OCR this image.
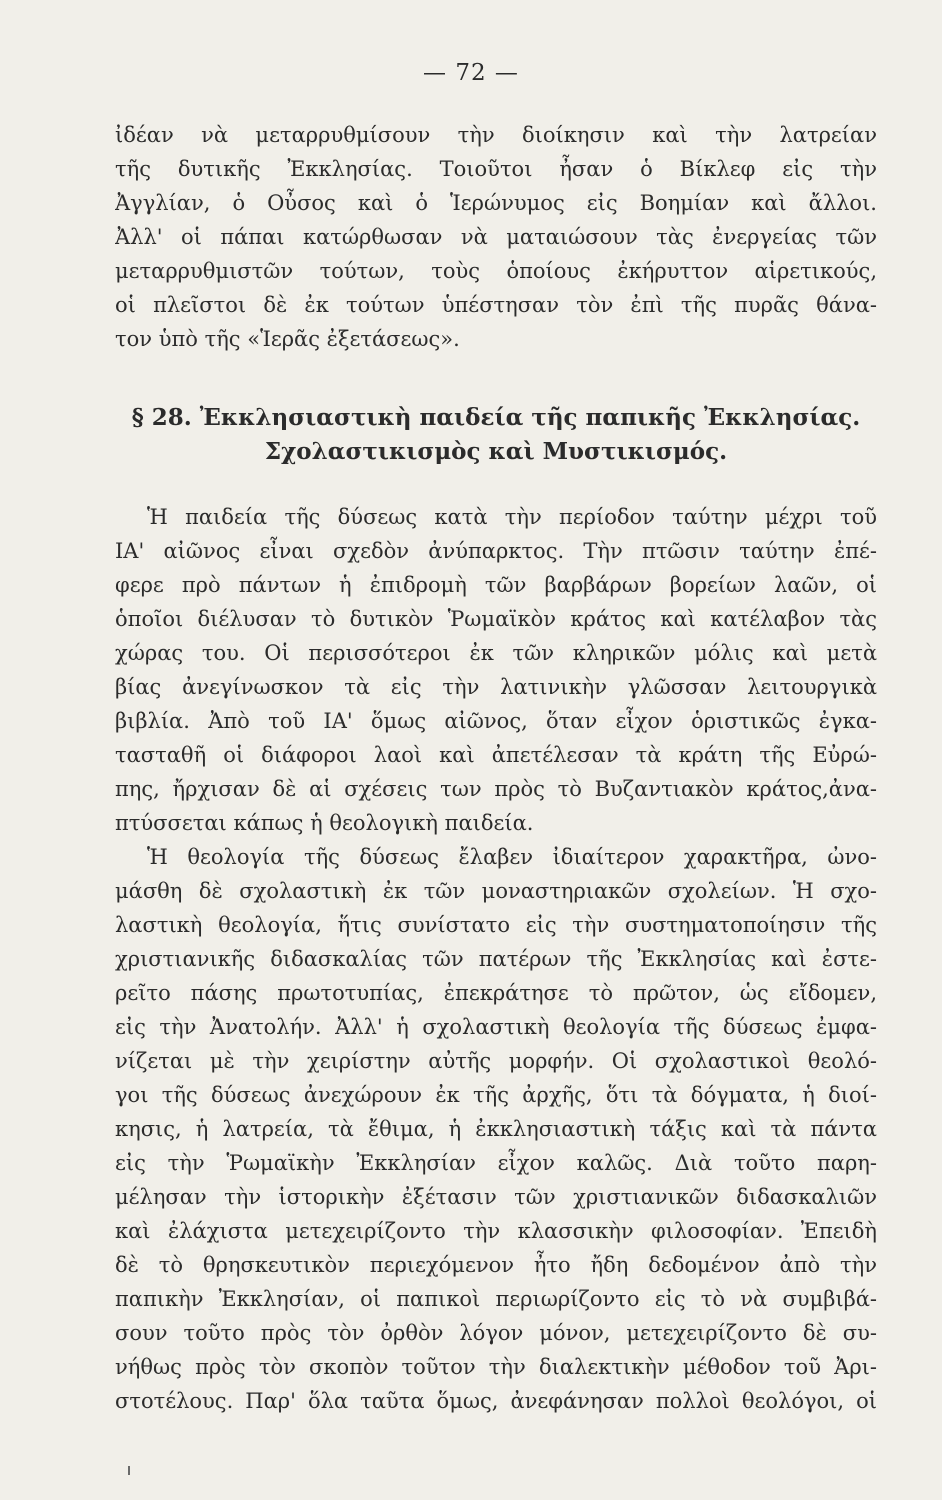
— 72 —
ἰδέαν νὰ μεταρρυθμίσουν τὴν διοίκησιν καὶ τὴν λατρείαν
τῆς δυτικῆς Ἐκκλησίας. Τοιοῦτοι ἦσαν ὁ Βίκλεφ εἰς τὴν
Ἀγγλίαν, ὁ Οὖσος καὶ ὁ Ἱερώνυμος εἰς Βοημίαν καὶ ἄλλοι.
Ἀλλ' οἱ πάπαι κατώρθωσαν νὰ ματαιώσουν τὰς ἐνεργείας τῶν
μεταρρυθμιστῶν τούτων, τοὺς ὁποίους ἐκήρυττον αἱρετικούς,
οἱ πλεῖστοι δὲ ἐκ τούτων ὑπέστησαν τὸν ἐπὶ τῆς πυρᾶς θάνα-
τον ὑπὸ τῆς «Ἱερᾶς ἐξετάσεως».
§ 28. Ἐκκλησιαστικὴ παιδεία τῆς παπικῆς Ἐκκλησίας.
Σχολαστικισμὸς καὶ Μυστικισμός.
Ἡ παιδεία τῆς δύσεως κατὰ τὴν περίοδον ταύτην μέχρι τοῦ
ΙΑ' αἰῶνος εἶναι σχεδὸν ἀνύπαρκτος. Τὴν πτῶσιν ταύτην ἐπέ-
φερε πρὸ πάντων ἡ ἐπιδρομὴ τῶν βαρβάρων βορείων λαῶν, οἱ
ὁποῖοι διέλυσαν τὸ δυτικὸν Ῥωμαϊκὸν κράτος καὶ κατέλαβον τὰς
χώρας του. Οἱ περισσότεροι ἐκ τῶν κληρικῶν μόλις καὶ μετὰ
βίας ἀνεγίνωσκον τὰ εἰς τὴν λατινικὴν γλῶσσαν λειτουργικὰ
βιβλία. Ἀπὸ τοῦ ΙΑ' ὅμως αἰῶνος, ὅταν εἶχον ὁριστικῶς ἐγκα-
τασταθῆ οἱ διάφοροι λαοὶ καὶ ἀπετέλεσαν τὰ κράτη τῆς Εὐρώ-
πης, ἤρχισαν δὲ αἱ σχέσεις των πρὸς τὸ Βυζαντιακὸν κράτος,ἀνα-
πτύσσεται κάπως ἡ θεολογικὴ παιδεία.
Ἡ θεολογία τῆς δύσεως ἔλαβεν ἰδιαίτερον χαρακτῆρα, ὠνο-
μάσθη δὲ σχολαστικὴ ἐκ τῶν μοναστηριακῶν σχολείων. Ἡ σχο-
λαστικὴ θεολογία, ἥτις συνίστατο εἰς τὴν συστηματοποίησιν τῆς
χριστιανικῆς διδασκαλίας τῶν πατέρων τῆς Ἐκκλησίας καὶ ἐστε-
ρεῖτο πάσης πρωτοτυπίας, ἐπεκράτησε τὸ πρῶτον, ὡς εἴδομεν,
εἰς τὴν Ἀνατολήν. Ἀλλ' ἡ σχολαστικὴ θεολογία τῆς δύσεως ἐμφα-
νίζεται μὲ τὴν χειρίστην αὐτῆς μορφήν. Οἱ σχολαστικοὶ θεολό-
γοι τῆς δύσεως ἀνεχώρουν ἐκ τῆς ἀρχῆς, ὅτι τὰ δόγματα, ἡ διοί-
κησις, ἡ λατρεία, τὰ ἔθιμα, ἡ ἐκκλησιαστικὴ τάξις καὶ τὰ πάντα
εἰς τὴν Ῥωμαϊκὴν Ἐκκλησίαν εἶχον καλῶς. Διὰ τοῦτο παρη-
μέλησαν τὴν ἱστορικὴν ἐξέτασιν τῶν χριστιανικῶν διδασκαλιῶν
καὶ ἐλάχιστα μετεχειρίζοντο τὴν κλασσικὴν φιλοσοφίαν. Ἐπειδὴ
δὲ τὸ θρησκευτικὸν περιεχόμενον ἦτο ἤδη δεδομένον ἀπὸ τὴν
παπικὴν Ἐκκλησίαν, οἱ παπικοὶ περιωρίζοντο εἰς τὸ νὰ συμβιβά-
σουν τοῦτο πρὸς τὸν ὀρθὸν λόγον μόνον, μετεχειρίζοντο δὲ συ-
νήθως πρὸς τὸν σκοπὸν τοῦτον τὴν διαλεκτικὴν μέθοδον τοῦ Ἀρι-
στοτέλους. Παρ' ὅλα ταῦτα ὅμως, ἀνεφάνησαν πολλοὶ θεολόγοι, οἱ
